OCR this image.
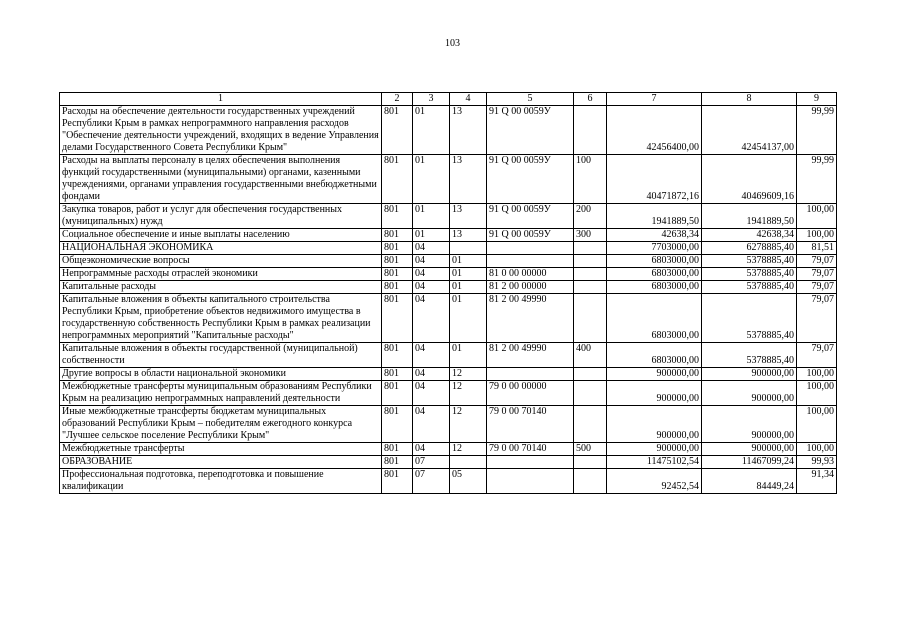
103
1	2	3	4	5	6	7	8	9
Расходы на обеспечение деятельности государственных учреждений Республики Крым в рамках непрограммного направления расходов "Обеспечение деятельности учреждений, входящих в ведение Управления делами Государственного Совета Республики Крым"	801	01	13	91 Q 00 0059У		42456400,00	42454137,00	99,99
Расходы на выплаты персоналу в целях обеспечения выполнения функций государственными (муниципальными) органами, казенными учреждениями, органами управления государственными внебюджетными фондами	801	01	13	91 Q 00 0059У	100	40471872,16	40469609,16	99,99
Закупка товаров, работ и услуг для обеспечения государственных (муниципальных) нужд	801	01	13	91 Q 00 0059У	200	1941889,50	1941889,50	100,00
Социальное обеспечение и иные выплаты населению	801	01	13	91 Q 00 0059У	300	42638,34	42638,34	100,00
НАЦИОНАЛЬНАЯ ЭКОНОМИКА	801	04				7703000,00	6278885,40	81,51
Общеэкономические вопросы	801	04	01			6803000,00	5378885,40	79,07
Непрограммные расходы отраслей экономики	801	04	01	81 0 00 00000		6803000,00	5378885,40	79,07
Капитальные расходы	801	04	01	81 2 00 00000		6803000,00	5378885,40	79,07
Капитальные вложения в объекты капитального строительства Республики Крым, приобретение объектов недвижимого имущества в государственную собственность Республики Крым в рамках реализации непрограммных мероприятий "Капитальные расходы"	801	04	01	81 2 00 49990		6803000,00	5378885,40	79,07
Капитальные вложения в объекты государственной (муниципальной) собственности	801	04	01	81 2 00 49990	400	6803000,00	5378885,40	79,07
Другие вопросы в области национальной экономики	801	04	12			900000,00	900000,00	100,00
Межбюджетные трансферты муниципальным образованиям Республики Крым на реализацию непрограммных направлений деятельности	801	04	12	79 0 00 00000		900000,00	900000,00	100,00
Иные межбюджетные трансферты бюджетам муниципальных образований Республики Крым – победителям ежегодного конкурса "Лучшее сельское поселение Республики Крым"	801	04	12	79 0 00 70140		900000,00	900000,00	100,00
Межбюджетные трансферты	801	04	12	79 0 00 70140	500	900000,00	900000,00	100,00
ОБРАЗОВАНИЕ	801	07				11475102,54	11467099,24	99,93
Профессиональная подготовка, переподготовка и повышение квалификации	801	07	05			92452,54	84449,24	91,34
